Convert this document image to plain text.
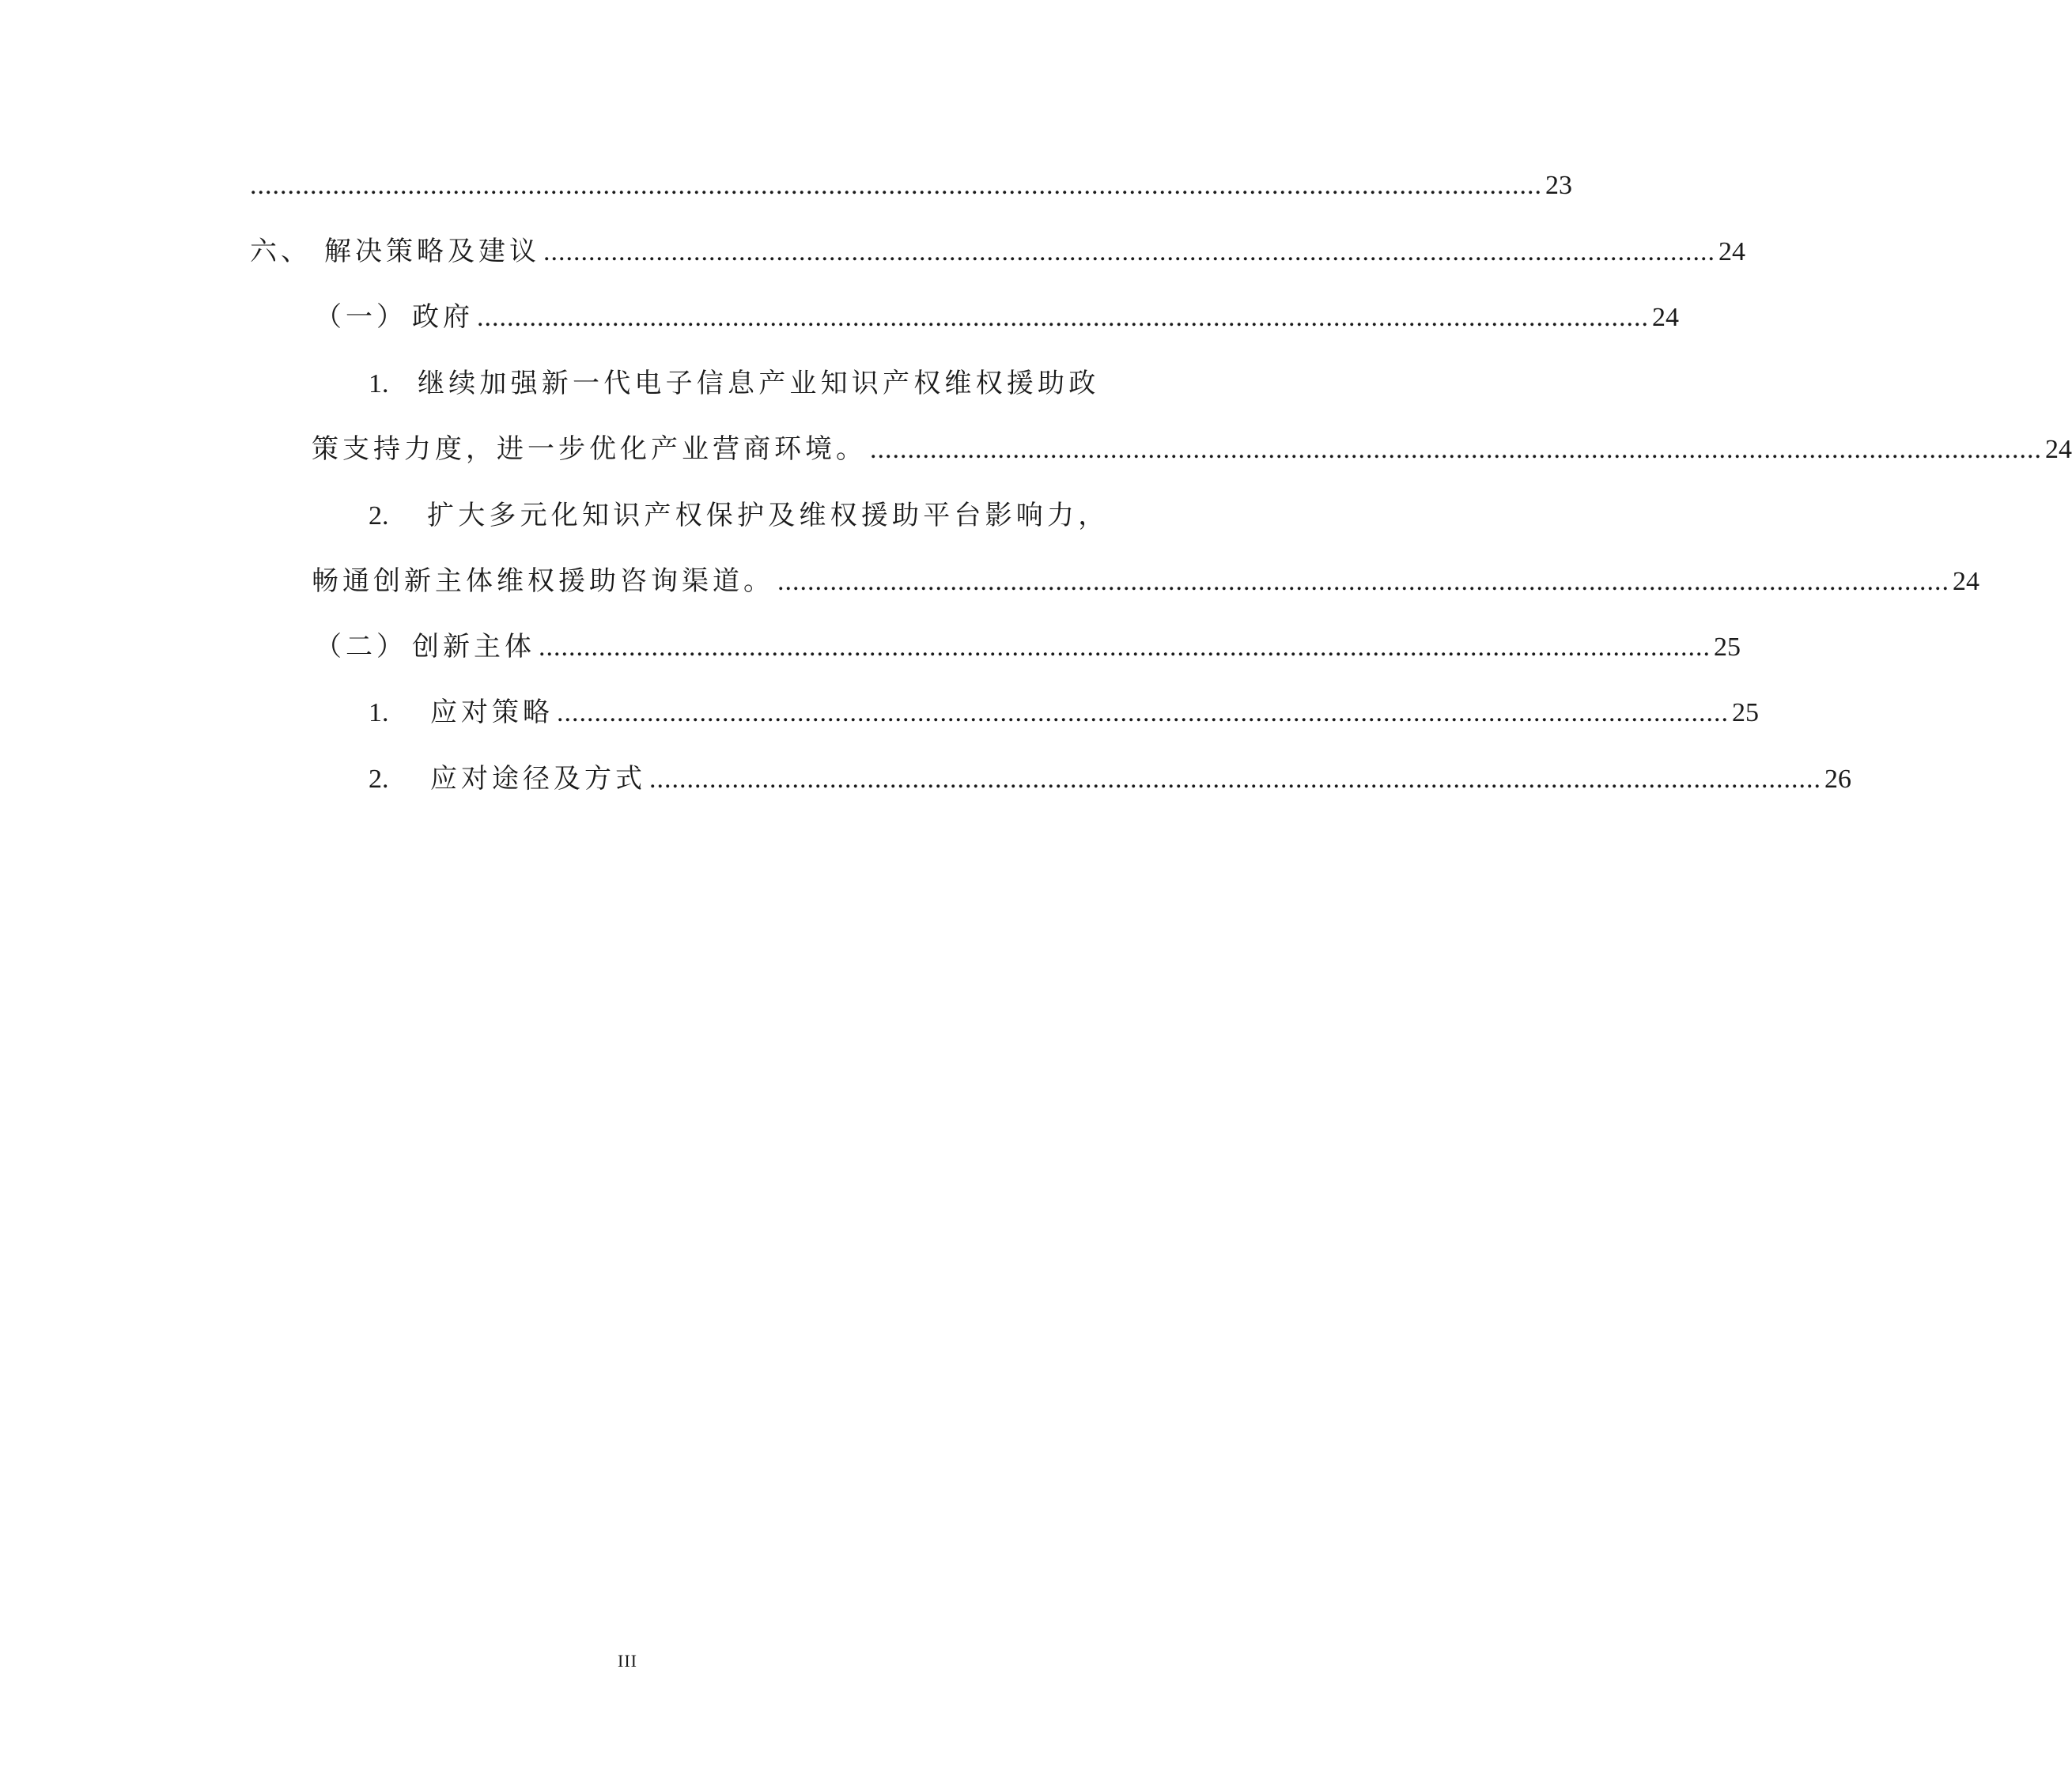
............................................................................................................................................................................ 23
六、 解决策略及建议 ............................................................................................................................................................ 24
（一） 政府 ............................................................................................................................................................ 24
1. 继续加强新一代电子信息产业知识产权维权援助政
策支持力度，进一步优化产业营商环境。 ............................................................................................................................................................ 24
2. 扩大多元化知识产权保护及维权援助平台影响力，
畅通创新主体维权援助咨询渠道。 ............................................................................................................................................................ 24
（二） 创新主体 ............................................................................................................................................................ 25
1. 应对策略 ............................................................................................................................................................ 25
2. 应对途径及方式 ............................................................................................................................................................ 26
III
